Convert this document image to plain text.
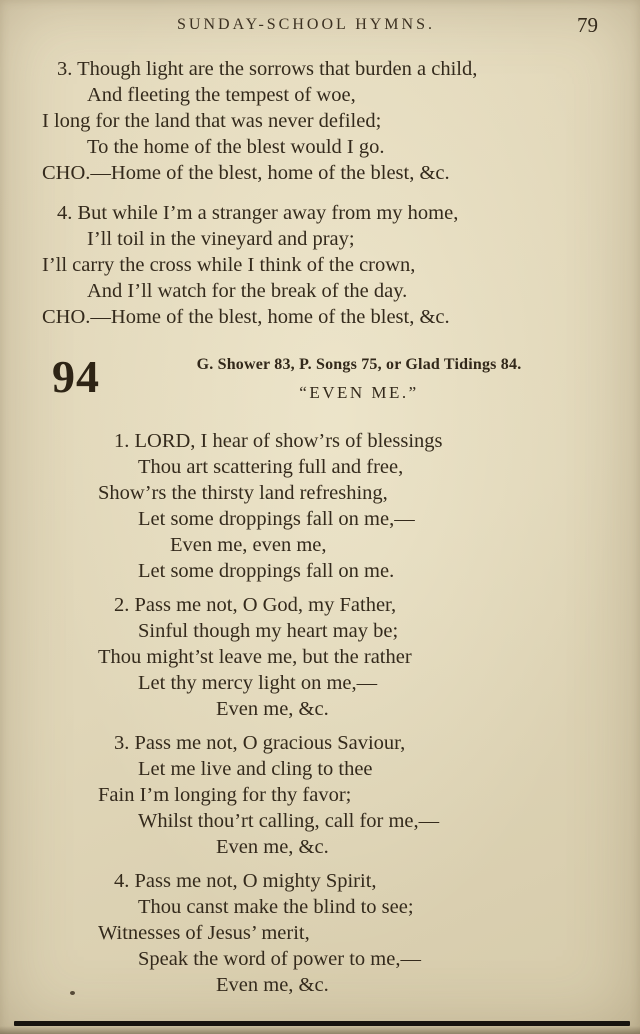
SUNDAY-SCHOOL HYMNS.	79
3. Though light are the sorrows that burden a child,
And fleeting the tempest of woe,
I long for the land that was never defiled;
To the home of the blest would I go.
CHO.—Home of the blest, home of the blest, &c.
4. But while I’m a stranger away from my home,
I’ll toil in the vineyard and pray;
I’ll carry the cross while I think of the crown,
And I’ll watch for the break of the day.
CHO.—Home of the blest, home of the blest, &c.
94	G. Shower 83, P. Songs 75, or Glad Tidings 84.
“EVEN ME.”
1. LORD, I hear of show’rs of blessings
Thou art scattering full and free,
Show’rs the thirsty land refreshing,
Let some droppings fall on me,—
Even me, even me,
Let some droppings fall on me.
2. Pass me not, O God, my Father,
Sinful though my heart may be;
Thou might’st leave me, but the rather
Let thy mercy light on me,—
Even me, &c.
3. Pass me not, O gracious Saviour,
Let me live and cling to thee
Fain I’m longing for thy favor;
Whilst thou’rt calling, call for me,—
Even me, &c.
4. Pass me not, O mighty Spirit,
Thou canst make the blind to see;
Witnesses of Jesus’ merit,
Speak the word of power to me,—
Even me, &c.
